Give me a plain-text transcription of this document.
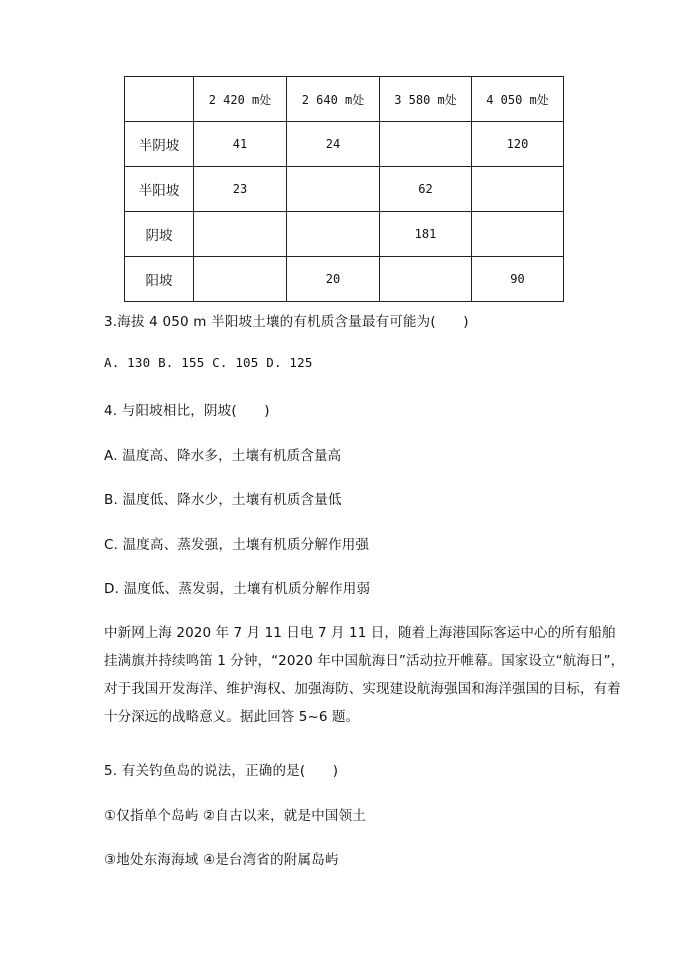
	2 420 m处	2 640 m处	3 580 m处	4 050 m处
半阴坡	41	24		120
半阳坡	23		62	
阴坡			181	
阳坡		20		90
3.海拔 4 050 m 半阳坡土壤的有机质含量最有可能为(　　)
A. 130 B. 155 C. 105 D. 125
4. 与阳坡相比，阴坡(　　)
A. 温度高、降水多，土壤有机质含量高
B. 温度低、降水少，土壤有机质含量低
C. 温度高、蒸发强，土壤有机质分解作用强
D. 温度低、蒸发弱，土壤有机质分解作用弱
中新网上海 2020 年 7 月 11 日电 7 月 11 日，随着上海港国际客运中心的所有船舶
挂满旗并持续鸣笛 1 分钟，“2020 年中国航海日”活动拉开帷幕。国家设立“航海日”，
对于我国开发海洋、维护海权、加强海防、实现建设航海强国和海洋强国的目标，有着
十分深远的战略意义。据此回答 5~6 题。
5. 有关钓鱼岛的说法，正确的是(　　)
①仅指单个岛屿 ②自古以来，就是中国领土
③地处东海海域 ④是台湾省的附属岛屿
